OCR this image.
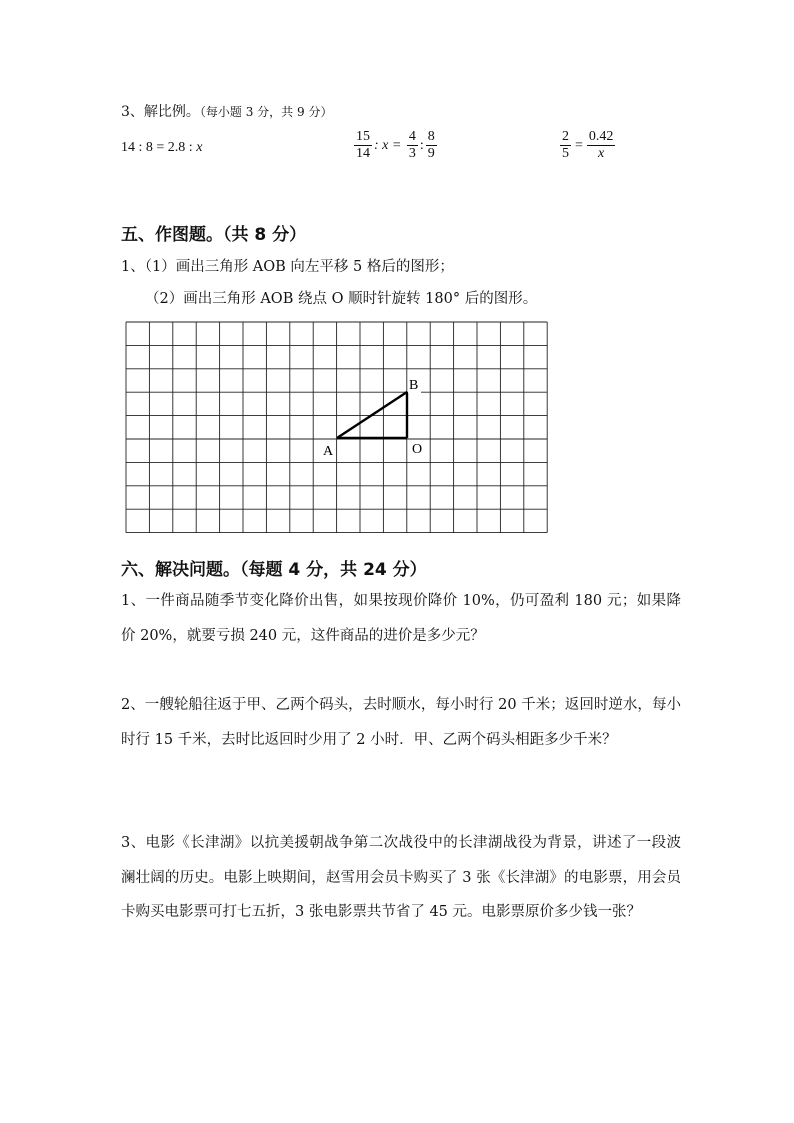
3、解比例。（每小题 3 分，共 9 分）
14 : 8 = 2.8 : x	$\frac{15}{14}$ : $x = \frac{4}{3}$ : $\frac{8}{9}$	$\frac{2}{5} = \frac{0.42}{x}$
五、作图题。（共 8 分）
1、（1）画出三角形 AOB 向左平移 5 格后的图形；
（2）画出三角形 AOB 绕点 O 顺时针旋转 180° 后的图形。
A
B
O
六、解决问题。（每题 4 分，共 24 分）
1、一件商品随季节变化降价出售，如果按现价降价 10%，仍可盈利 180 元；如果降价 20%，就要亏损 240 元，这件商品的进价是多少元？
2、一艘轮船往返于甲、乙两个码头，去时顺水，每小时行 20 千米；返回时逆水，每小时行 15 千米，去时比返回时少用了 2 小时．甲、乙两个码头相距多少千米？
3、电影《长津湖》以抗美援朝战争第二次战役中的长津湖战役为背景，讲述了一段波澜壮阔的历史。电影上映期间，赵雪用会员卡购买了 3 张《长津湖》的电影票，用会员卡购买电影票可打七五折，3 张电影票共节省了 45 元。电影票原价多少钱一张？
